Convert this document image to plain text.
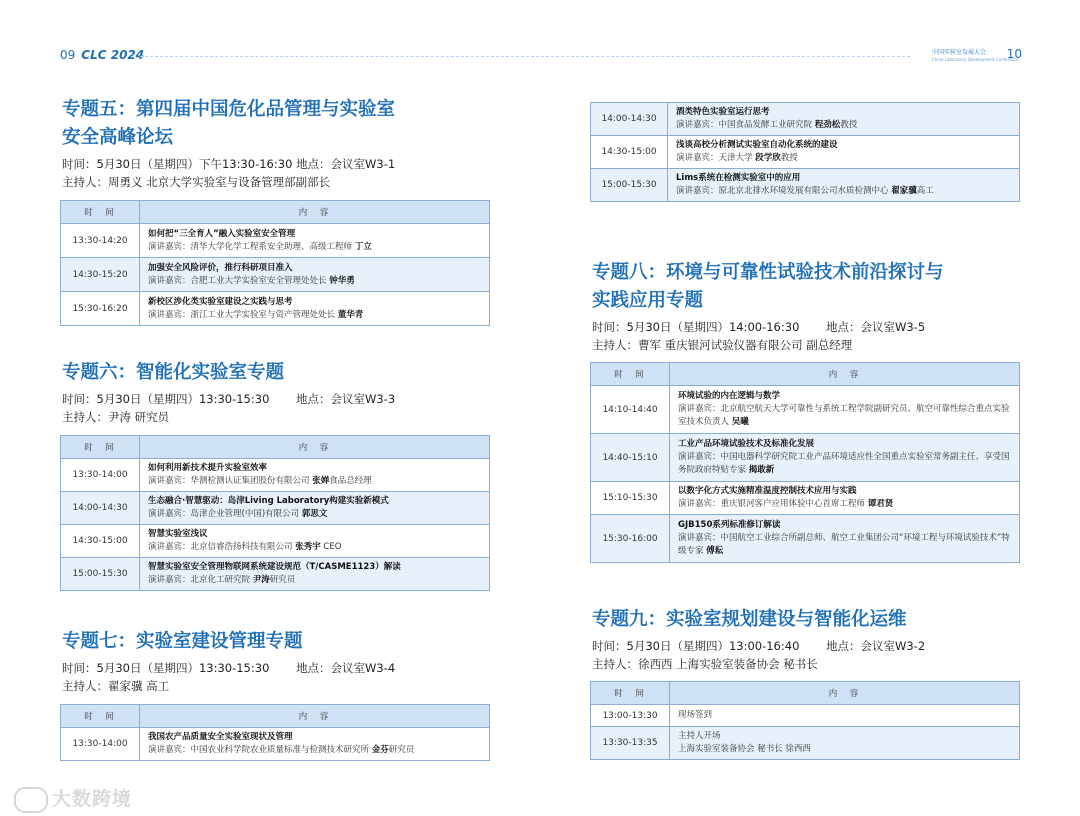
09 CLC 2024	中国实验室发展大会
China Laboratory Development Conference
10
专题五：第四届中国危化品管理与实验室
安全高峰论坛
时间：5月30日（星期四）下午13:30-16:30 地点：会议室W3-1
主持人：周勇义 北京大学实验室与设备管理部副部长
时　间	内　容
13:30-14:20	如何把“三全育人”融入实验室安全管理
演讲嘉宾：清华大学化学工程系安全助理、高级工程师 丁立

14:30-15:20	加强安全风险评价，推行科研项目准入
演讲嘉宾：合肥工业大学实验室安全管理处处长 钟华勇

15:30-16:20	新校区涉化类实验室建设之实践与思考
演讲嘉宾：浙江工业大学实验室与资产管理处处长 董华青
专题六：智能化实验室专题
时间：5月30日（星期四）13:30-15:30 地点：会议室W3-3
主持人：尹涛 研究员
时　间	内　容
13:30-14:00	如何利用新技术提升实验室效率
演讲嘉宾：华测检测认证集团股份有限公司 张婵食品总经理

14:00-14:30	生态融合·智慧驱动：岛津Living Laboratory构建实验新模式
演讲嘉宾：岛津企业管理(中国)有限公司 郭思文

14:30-15:00	智慧实验室浅议
演讲嘉宾：北京信睿浩扬科技有限公司 张秀宇 CEO

15:00-15:30	智慧实验室安全管理物联网系统建设规范（T/CASME1123）解读
演讲嘉宾：北京化工研究院 尹涛研究员
专题七：实验室建设管理专题
时间：5月30日（星期四）13:30-15:30 地点：会议室W3-4
主持人：翟家骥 高工
时　间	内　容
13:30-14:00	我国农产品质量安全实验室现状及管理
演讲嘉宾：中国农业科学院农业质量标准与检测技术研究所 金芬研究员
14:00-14:30	酒类特色实验室运行思考
演讲嘉宾：中国食品发酵工业研究院 程劲松教授

14:30-15:00	浅谈高校分析测试实验室自动化系统的建设
演讲嘉宾：天津大学 段学欣教授

15:00-15:30	Lims系统在检测实验室中的应用
演讲嘉宾：原北京北排水环境发展有限公司水质检测中心 翟家骥高工
专题八：环境与可靠性试验技术前沿探讨与
实践应用专题
时间：5月30日（星期四）14:00-16:30 地点：会议室W3-5
主持人：曹军 重庆银河试验仪器有限公司 副总经理
时　间	内　容
14:10-14:40	环境试验的内在逻辑与数学
演讲嘉宾：北京航空航天大学可靠性与系统工程学院副研究员、航空可靠性综合重点实验室技术负责人 吴曦

14:40-15:10	工业产品环境试验技术及标准化发展
演讲嘉宾：中国电器科学研究院工业产品环境适应性全国重点实验室常务副主任、享受国务院政府特贴专家 揭敢新

15:10-15:30	以数字化方式实施精准温度控制技术应用与实践
演讲嘉宾：重庆银河客户应用体验中心首席工程师 谭君贤

15:30-16:00	GJB150系列标准修订解读
演讲嘉宾：中国航空工业综合所副总师、航空工业集团公司“环境工程与环境试验技术”特级专家 傅耘
专题九：实验室规划建设与智能化运维
时间：5月30日（星期四）13:00-16:40 地点：会议室W3-2
主持人：徐西西 上海实验室装备协会 秘书长
时　间	内　容
13:00-13:30	现场签到

13:30-13:35	主持人开场
上海实验室装备协会 秘书长 徐西西
大数跨境
